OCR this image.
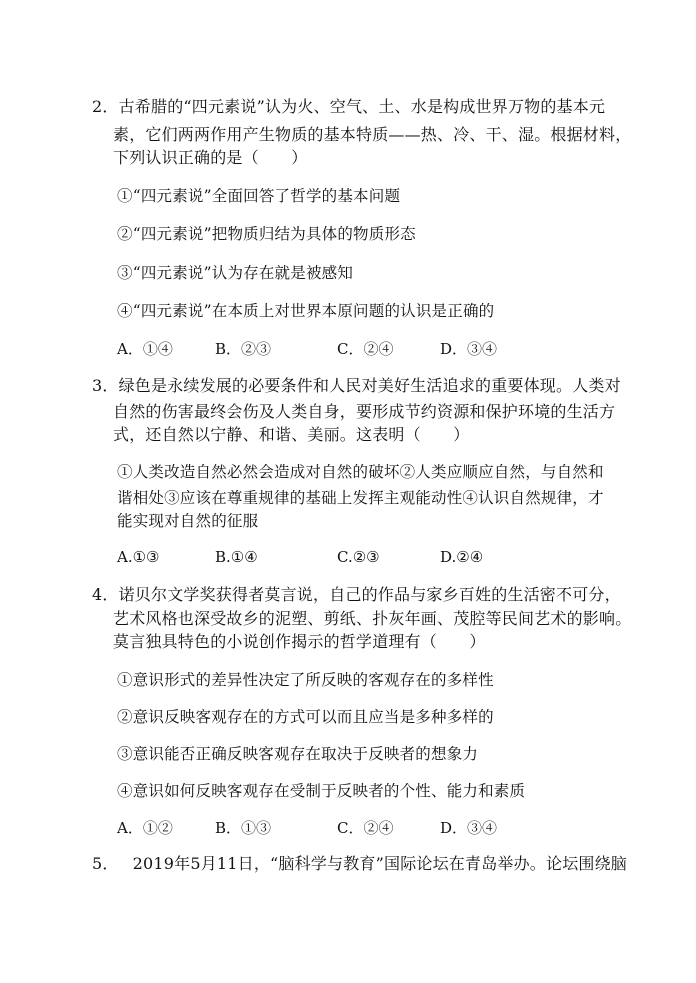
2．古希腊的“四元素说”认为火、空气、土、水是构成世界万物的基本元
素，它们两两作用产生物质的基本特质——热、冷、干、湿。根据材料，
下列认识正确的是（　　）
①“四元素说”全面回答了哲学的基本问题
②“四元素说”把物质归结为具体的物质形态
③“四元素说”认为存在就是被感知
④“四元素说”在本质上对世界本原问题的认识是正确的
A．①④	B．②③	C．②④	D．③④
3．绿色是永续发展的必要条件和人民对美好生活追求的重要体现。人类对
自然的伤害最终会伤及人类自身，要形成节约资源和保护环境的生活方
式，还自然以宁静、和谐、美丽。这表明（　　）
①人类改造自然必然会造成对自然的破坏②人类应顺应自然，与自然和
谐相处③应该在尊重规律的基础上发挥主观能动性④认识自然规律，才
能实现对自然的征服
A.①③	B.①④	C.②③	D.②④
4．诺贝尔文学奖获得者莫言说，自己的作品与家乡百姓的生活密不可分，
艺术风格也深受故乡的泥塑、剪纸、扑灰年画、茂腔等民间艺术的影响。
莫言独具特色的小说创作揭示的哲学道理有（　　）
①意识形式的差异性决定了所反映的客观存在的多样性
②意识反映客观存在的方式可以而且应当是多种多样的
③意识能否正确反映客观存在取决于反映者的想象力
④意识如何反映客观存在受制于反映者的个性、能力和素质
A．①②	B．①③	C．②④	D．③④
5． 2019年5月11日，“脑科学与教育”国际论坛在青岛举办。论坛围绕脑
